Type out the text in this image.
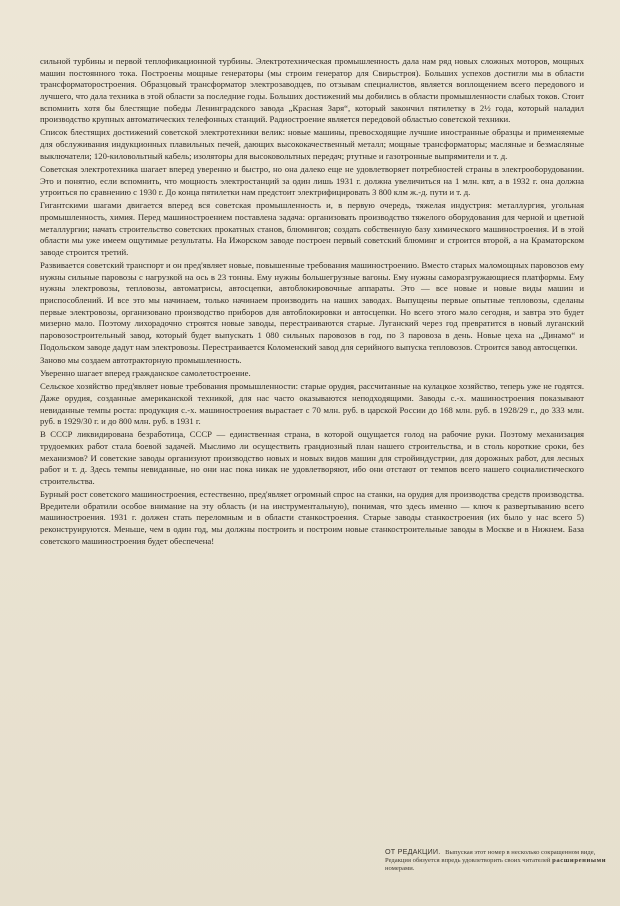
сильной турбины и первой теплофикационной турбины. Электротехническая промышленность дала нам ряд новых сложных моторов, мощных машин постоянного тока. Построены мощные генераторы (мы строим генератор для Свирьстроя). Больших успехов достигли мы в области трансформаторостроения. Образцовый трансформатор электрозаводцев, по отзывам специалистов, является воплощением всего передового и лучшего, что дала техника в этой области за последние годы. Больших достижений мы добились в области промышленности слабых токов. Стоит вспомнить хотя бы блестящие победы Ленинградского завода „Красная Заря“, который закончил пятилетку в 2½ года, который наладил производство крупных автоматических телефонных станций. Радиостроение является передовой областью советской техники.

Список блестящих достижений советской электротехники велик: новые машины, превосходящие лучшие иностранные образцы и применяемые для обслуживания индукционных плавильных печей, дающих высококачественный металл; мощные трансформаторы; масляные и безмасляные выключатели; 120-киловольтный кабель; изоляторы для высоковольтных передач; ртутные и газотронные выпрямители и т. д.

Советская электротехника шагает вперед уверенно и быстро, но она далеко еще не удовлетворяет потребностей страны в электрооборудовании. Это и понятно, если вспомнить, что мощность электростанций за один лишь 1931 г. должна увеличиться на 1 млн. квт, а в 1932 г. она должна утроиться по сравнению с 1930 г. До конца пятилетки нам предстоит электрифицировать 3 800 клм ж.-д. пути и т. д.

Гигантскими шагами двигается вперед вся советская промышленность и, в первую очередь, тяжелая индустрия: металлургия, угольная промышленность, химия. Перед машиностроением поставлена задача: организовать производство тяжелого оборудования для черной и цветной металлургии; начать строительство советских прокатных станов, блюмингов; создать собственную базу химического машиностроения. И в этой области мы уже имеем ощутимые результаты. На Ижорском заводе построен первый советский блюминг и строится второй, а на Краматорском заводе строится третий.

Развивается советский транспорт и он пред'являет новые, повышенные требования машиностроению. Вместо старых маломощных паровозов ему нужны сильные паровозы с нагрузкой на ось в 23 тонны. Ему нужны большегрузные вагоны. Ему нужны саморазгружающиеся платформы. Ему нужны электровозы, тепловозы, автоматрисы, автосцепки, автоблокировочные аппараты. Это — все новые и новые виды машин и приспособлений. И все это мы начинаем, только начинаем производить на наших заводах. Выпущены первые опытные тепловозы, сделаны первые электровозы, организовано производство приборов для автоблокировки и автосцепки. Но всего этого мало сегодня, и завтра это будет мизерно мало. Поэтому лихорадочно строятся новые заводы, перестраиваются старые. Луганский через год превратится в новый луганский паровозостроительный завод, который будет выпускать 1 080 сильных паровозов в год, по 3 паровоза в день. Новые цеха на „Динамо“ и Подольском заводе дадут нам электровозы. Перестраивается Коломенский завод для серийного выпуска тепловозов. Строится завод автосцепки.

Заново мы создаем автотракторную промышленность.

Уверенно шагает вперед гражданское самолетостроение.

Сельское хозяйство пред'являет новые требования промышленности: старые орудия, рассчитанные на кулацкое хозяйство, теперь уже не годятся. Даже орудия, созданные американской техникой, для нас часто оказываются неподходящими. Заводы с.-х. машиностроения показывают невиданные темпы роста: продукция с.-х. машиностроения вырастает с 70 млн. руб. в царской России до 168 млн. руб. в 1928/29 г., до 333 млн. руб. в 1929/30 г. и до 800 млн. руб. в 1931 г.

В СССР ликвидирована безработица, СССР — единственная страна, в которой ощущается голод на рабочие руки. Поэтому механизация трудоемких работ стала боевой задачей. Мыслимо ли осуществить грандиозный план нашего строительства, и в столь короткие сроки, без механизмов? И советские заводы организуют производство новых и новых видов машин для стройиндустрии, для дорожных работ, для лесных работ и т. д. Здесь темпы невиданные, но они нас пока никак не удовлетворяют, ибо они отстают от темпов всего нашего социалистического строительства.

Бурный рост советского машиностроения, естественно, пред'являет огромный спрос на станки, на орудия для производства средств производства. Вредители обратили особое внимание на эту область (и на инструментальную), понимая, что здесь именно — ключ к развертыванию всего машиностроения. 1931 г. должен стать переломным и в области станкостроения. Старые заводы станкостроения (их было у нас всего 5) реконструируются. Меньше, чем в один год, мы должны построить и построим новые станкостроительные заводы в Москве и в Нижнем. База советского машиностроения будет обеспечена!

ОТ РЕДАКЦИИ. Выпуская этот номер в несколько сокращенном виде, Редакция обязуется впредь удовлетворить своих читателей расширенными номерами.
